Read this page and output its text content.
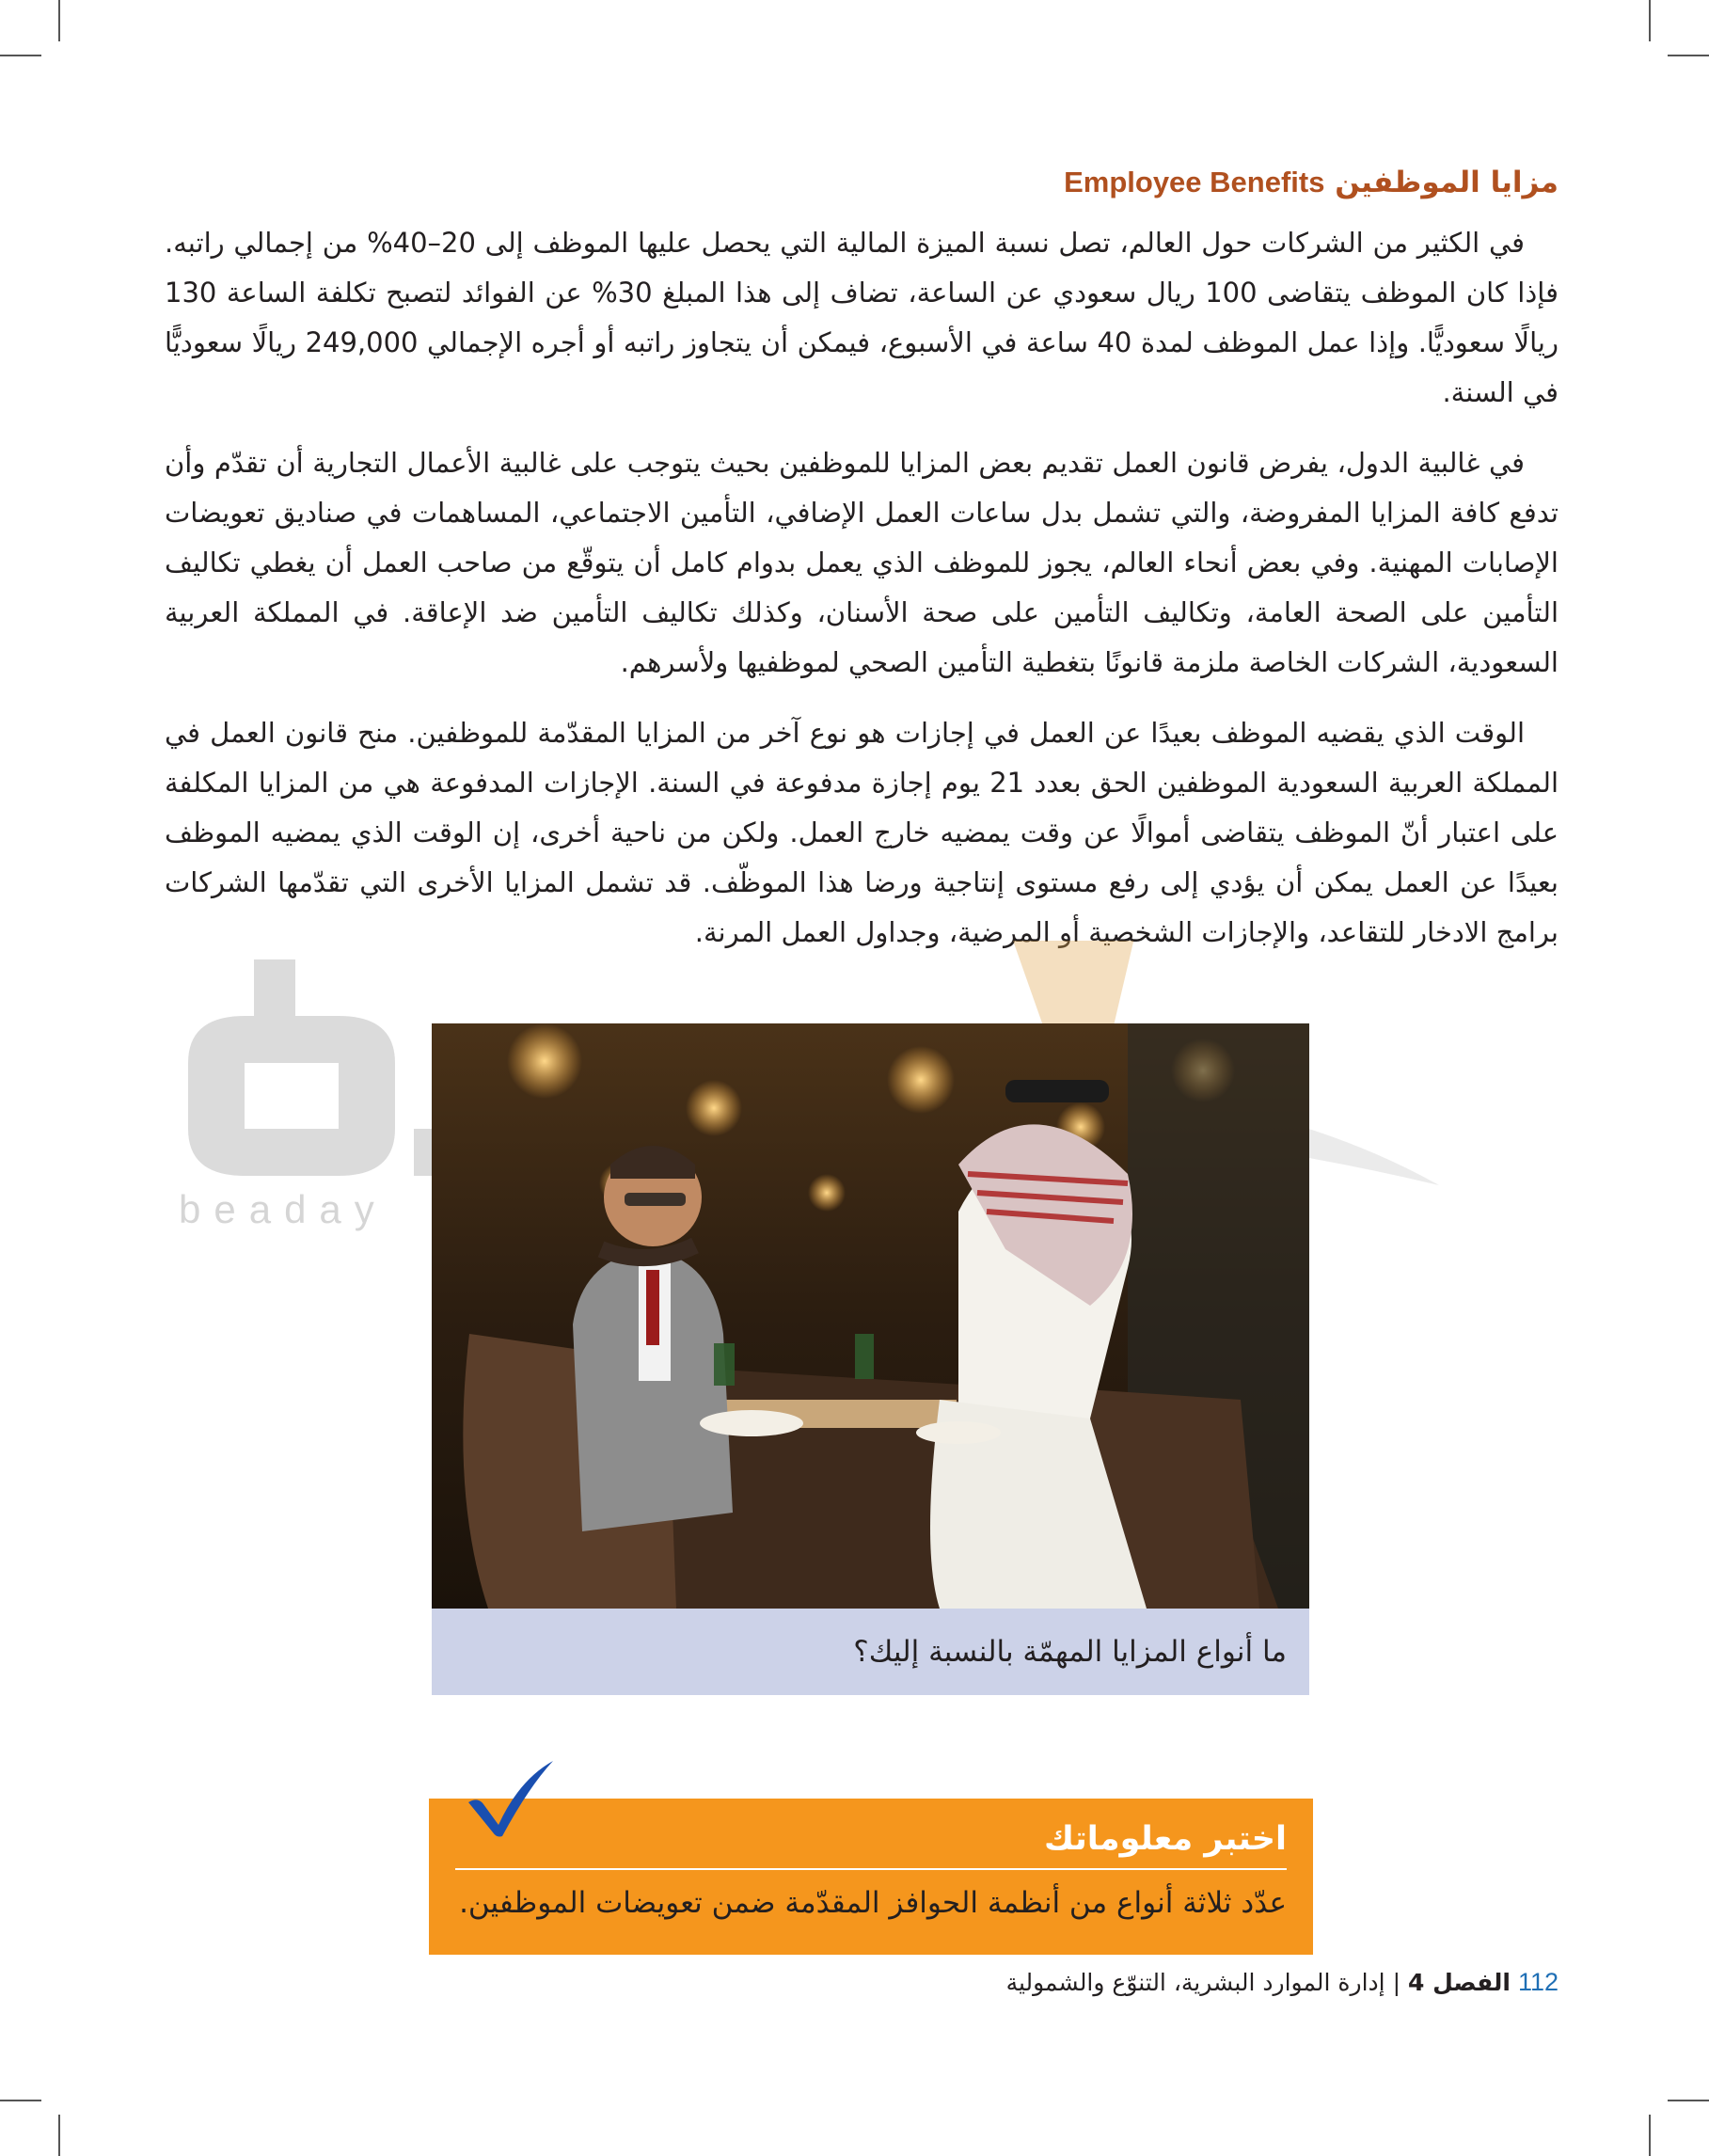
مزايا الموظفين Employee Benefits

في الكثير من الشركات حول العالم، تصل نسبة الميزة المالية التي يحصل عليها الموظف إلى 20–40% من إجمالي راتبه. فإذا كان الموظف يتقاضى 100 ريال سعودي عن الساعة، تضاف إلى هذا المبلغ 30% عن الفوائد لتصبح تكلفة الساعة 130 ريالًا سعوديًّا. وإذا عمل الموظف لمدة 40 ساعة في الأسبوع، فيمكن أن يتجاوز راتبه أو أجره الإجمالي 249,000 ريالًا سعوديًّا في السنة.

في غالبية الدول، يفرض قانون العمل تقديم بعض المزايا للموظفين بحيث يتوجب على غالبية الأعمال التجارية أن تقدّم وأن تدفع كافة المزايا المفروضة، والتي تشمل بدل ساعات العمل الإضافي، التأمين الاجتماعي، المساهمات في صناديق تعويضات الإصابات المهنية. وفي بعض أنحاء العالم، يجوز للموظف الذي يعمل بدوام كامل أن يتوقّع من صاحب العمل أن يغطي تكاليف التأمين على الصحة العامة، وتكاليف التأمين على صحة الأسنان، وكذلك تكاليف التأمين ضد الإعاقة. في المملكة العربية السعودية، الشركات الخاصة ملزمة قانونًا بتغطية التأمين الصحي لموظفيها ولأسرهم.

الوقت الذي يقضيه الموظف بعيدًا عن العمل في إجازات هو نوع آخر من المزايا المقدّمة للموظفين. منح قانون العمل في المملكة العربية السعودية الموظفين الحق بعدد 21 يوم إجازة مدفوعة في السنة. الإجازات المدفوعة هي من المزايا المكلفة على اعتبار أنّ الموظف يتقاضى أموالًا عن وقت يمضيه خارج العمل. ولكن من ناحية أخرى، إن الوقت الذي يمضيه الموظف بعيدًا عن العمل يمكن أن يؤدي إلى رفع مستوى إنتاجية ورضا هذا الموظّف. قد تشمل المزايا الأخرى التي تقدّمها الشركات برامج الادخار للتقاعد، والإجازات الشخصية أو المرضية، وجداول العمل المرنة.

beaday
ما أنواع المزايا المهمّة بالنسبة إليك؟
اختبر معلوماتك
عدّد ثلاثة أنواع من أنظمة الحوافز المقدّمة ضمن تعويضات الموظفين.
112 الفصل 4 | إدارة الموارد البشرية، التنوّع والشمولية
